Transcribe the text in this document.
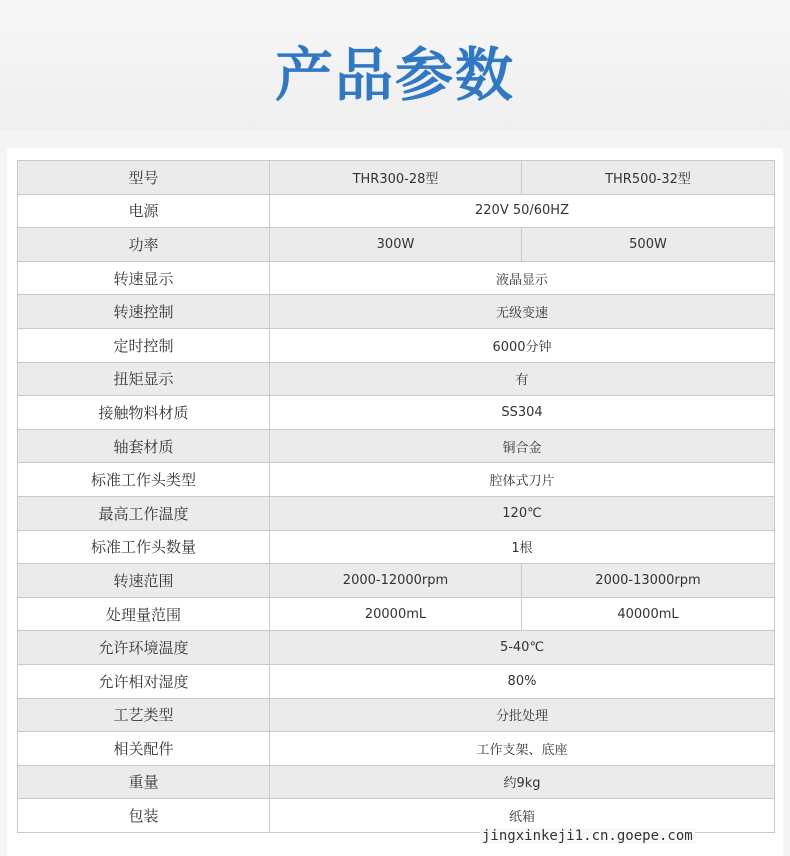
产品参数
型号	THR300-28型	THR500-32型
电源	220V 50/60HZ	
功率	300W	500W
转速显示	液晶显示	
转速控制	无级变速	
定时控制	6000分钟	
扭矩显示	有	
接触物料材质	SS304	
轴套材质	铜合金	
标准工作头类型	腔体式刀片	
最高工作温度	120℃	
标准工作头数量	1根	
转速范围	2000-12000rpm	2000-13000rpm
处理量范围	20000mL	40000mL
允许环境温度	5-40℃	
允许相对湿度	80%	
工艺类型	分批处理	
相关配件	工作支架、底座	
重量	约9kg	
包装	纸箱	
jingxinkeji1.cn.goepe.com
